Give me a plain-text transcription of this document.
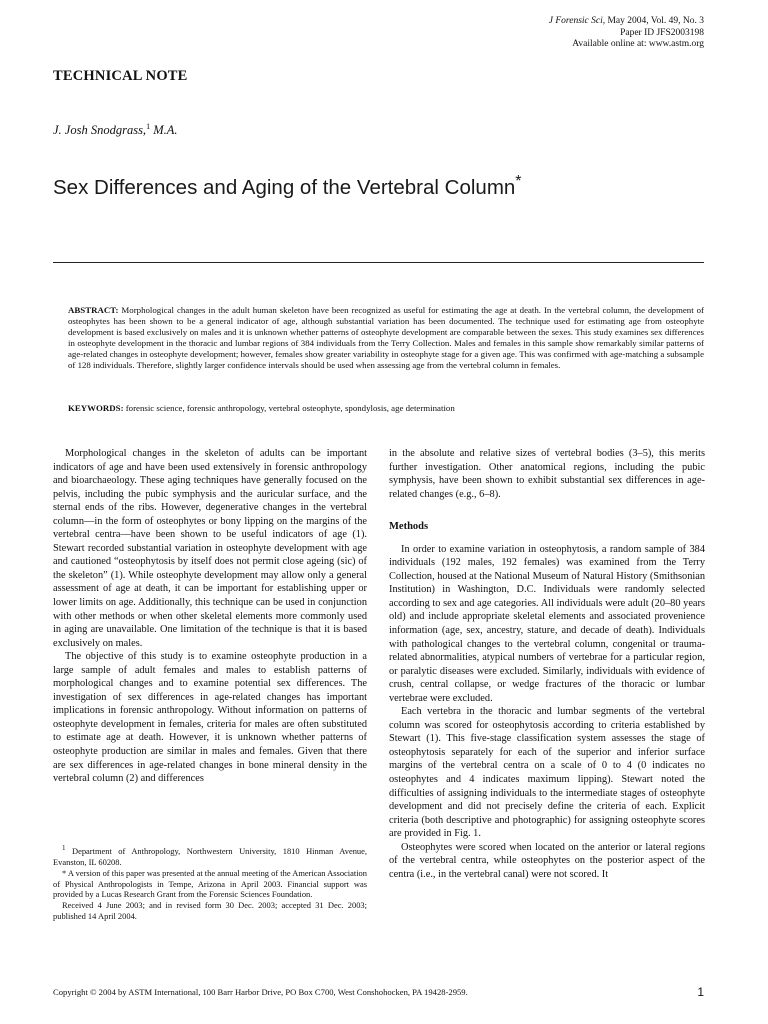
J Forensic Sci, May 2004, Vol. 49, No. 3
Paper ID JFS2003198
Available online at: www.astm.org
TECHNICAL NOTE
J. Josh Snodgrass,$^1$ M.A.
Sex Differences and Aging of the Vertebral Column*
ABSTRACT: Morphological changes in the adult human skeleton have been recognized as useful for estimating the age at death. In the vertebral column, the development of osteophytes has been shown to be a general indicator of age, although substantial variation has been documented. The technique used for estimating age from osteophyte development is based exclusively on males and it is unknown whether patterns of osteophyte development are comparable between the sexes. This study examines sex differences in osteophyte development in the thoracic and lumbar regions of 384 individuals from the Terry Collection. Males and females in this sample show remarkably similar patterns of age-related changes in osteophyte development; however, females show greater variability in osteophyte stage for a given age. This was confirmed with age-matching a subsample of 128 individuals. Therefore, slightly larger confidence intervals should be used when assessing age from the vertebral column in females.
KEYWORDS: forensic science, forensic anthropology, vertebral osteophyte, spondylosis, age determination

Morphological changes in the skeleton of adults can be important indicators of age and have been used extensively in forensic anthropology and bioarchaeology. These aging techniques have generally focused on the pelvis, including the pubic symphysis and the auricular surface, and the sternal ends of the ribs. However, degenerative changes in the vertebral column—in the form of osteophytes or bony lipping on the margins of the vertebral centra—have been shown to be useful indicators of age (1). Stewart recorded substantial variation in osteophyte development with age and cautioned “osteophytosis by itself does not permit close ageing (sic) of the skeleton” (1). While osteophyte development may allow only a general assessment of age at death, it can be important for establishing upper or lower limits on age. Additionally, this technique can be used in conjunction with other methods or when other skeletal elements more commonly used in aging are unavailable. One limitation of the technique is that it is based exclusively on males.

The objective of this study is to examine osteophyte production in a large sample of adult females and males to establish patterns of morphological changes and to examine potential sex differences. The investigation of sex differences in age-related changes has important implications in forensic anthropology. Without information on patterns of osteophyte development in females, criteria for males are often substituted to estimate age at death. However, it is unknown whether patterns of osteophyte production are similar in males and females. Given that there are sex differences in age-related changes in bone mineral density in the vertebral column (2) and differences

in the absolute and relative sizes of vertebral bodies (3–5), this merits further investigation. Other anatomical regions, including the pubic symphysis, have been shown to exhibit substantial sex differences in age-related changes (e.g., 6–8).

Methods

In order to examine variation in osteophytosis, a random sample of 384 individuals (192 males, 192 females) was examined from the Terry Collection, housed at the National Museum of Natural History (Smithsonian Institution) in Washington, D.C. Individuals were randomly selected according to sex and age categories. All individuals were adult (20–80 years old) and include appropriate skeletal elements and associated provenience information (age, sex, ancestry, stature, and decade of death). Individuals with pathological changes to the vertebral column, congenital or trauma-related abnormalities, atypical numbers of vertebrae for a particular region, or paralytic diseases were excluded. Similarly, individuals with evidence of crush, central collapse, or wedge fractures of the thoracic or lumbar vertebrae were excluded.

Each vertebra in the thoracic and lumbar segments of the vertebral column was scored for osteophytosis according to criteria established by Stewart (1). This five-stage classification system assesses the stage of osteophytosis separately for each of the superior and inferior surface margins of the vertebral centra on a scale of 0 to 4 (0 indicates no osteophytes and 4 indicates maximum lipping). Stewart noted the difficulties of assigning individuals to the intermediate stages of osteophyte development and did not precisely define the criteria of each. Explicit criteria (both descriptive and photographic) for assigning osteophyte scores are provided in Fig. 1.

Osteophytes were scored when located on the anterior or lateral regions of the vertebral centra, while osteophytes on the posterior aspect of the centra (i.e., in the vertebral canal) were not scored. It

$^1$ Department of Anthropology, Northwestern University, 1810 Hinman Avenue, Evanston, IL 60208.

* A version of this paper was presented at the annual meeting of the American Association of Physical Anthropologists in Tempe, Arizona in April 2003. Financial support was provided by a Lucas Research Grant from the Forensic Sciences Foundation.

Received 4 June 2003; and in revised form 30 Dec. 2003; accepted 31 Dec. 2003; published 14 April 2004.

Copyright © 2004 by ASTM International, 100 Barr Harbor Drive, PO Box C700, West Conshohocken, PA 19428-2959.	1
